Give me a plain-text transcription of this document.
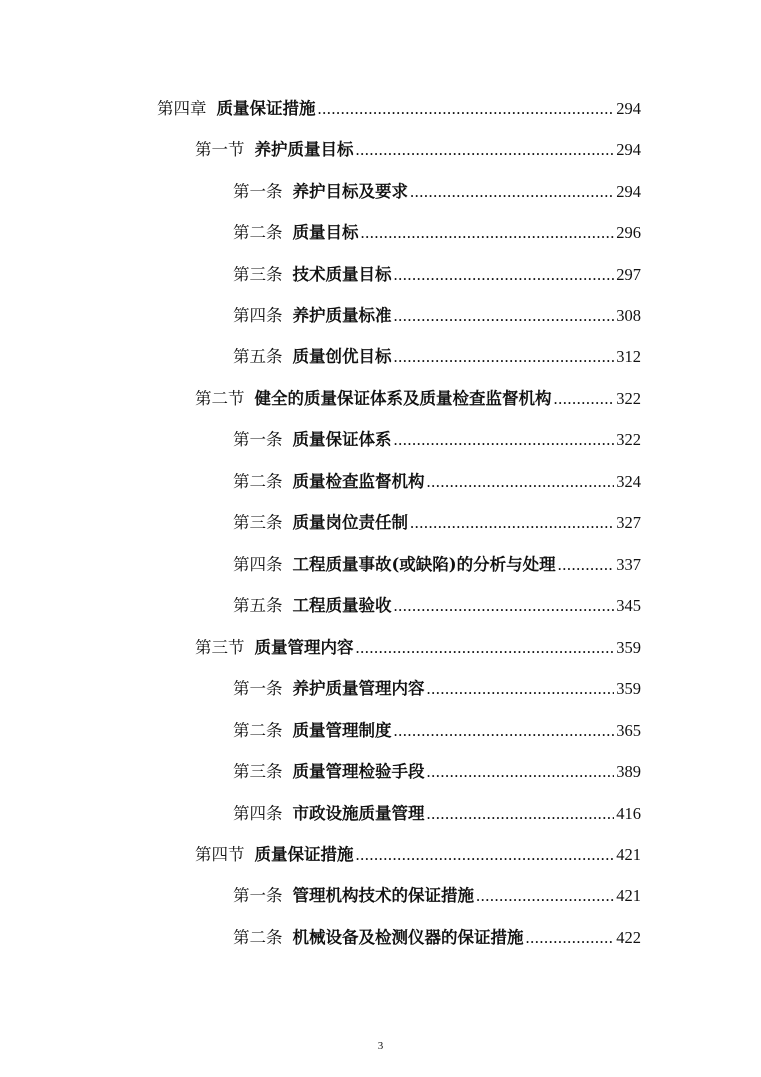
第四章 质量保证措施 .....	294
第一节 养护质量目标 .....	294
第一条 养护目标及要求 .....	294
第二条 质量目标 .....	296
第三条 技术质量目标 .....	297
第四条 养护质量标准 .....	308
第五条 质量创优目标 .....	312
第二节 健全的质量保证体系及质量检查监督机构 .....	322
第一条 质量保证体系 .....	322
第二条 质量检查监督机构 .....	324
第三条 质量岗位责任制 .....	327
第四条 工程质量事故(或缺陷)的分析与处理 .....	337
第五条 工程质量验收 .....	345
第三节 质量管理内容 .....	359
第一条 养护质量管理内容 .....	359
第二条 质量管理制度 .....	365
第三条 质量管理检验手段 .....	389
第四条 市政设施质量管理 .....	416
第四节 质量保证措施 .....	421
第一条 管理机构技术的保证措施 .....	421
第二条 机械设备及检测仪器的保证措施 .....	422
3
